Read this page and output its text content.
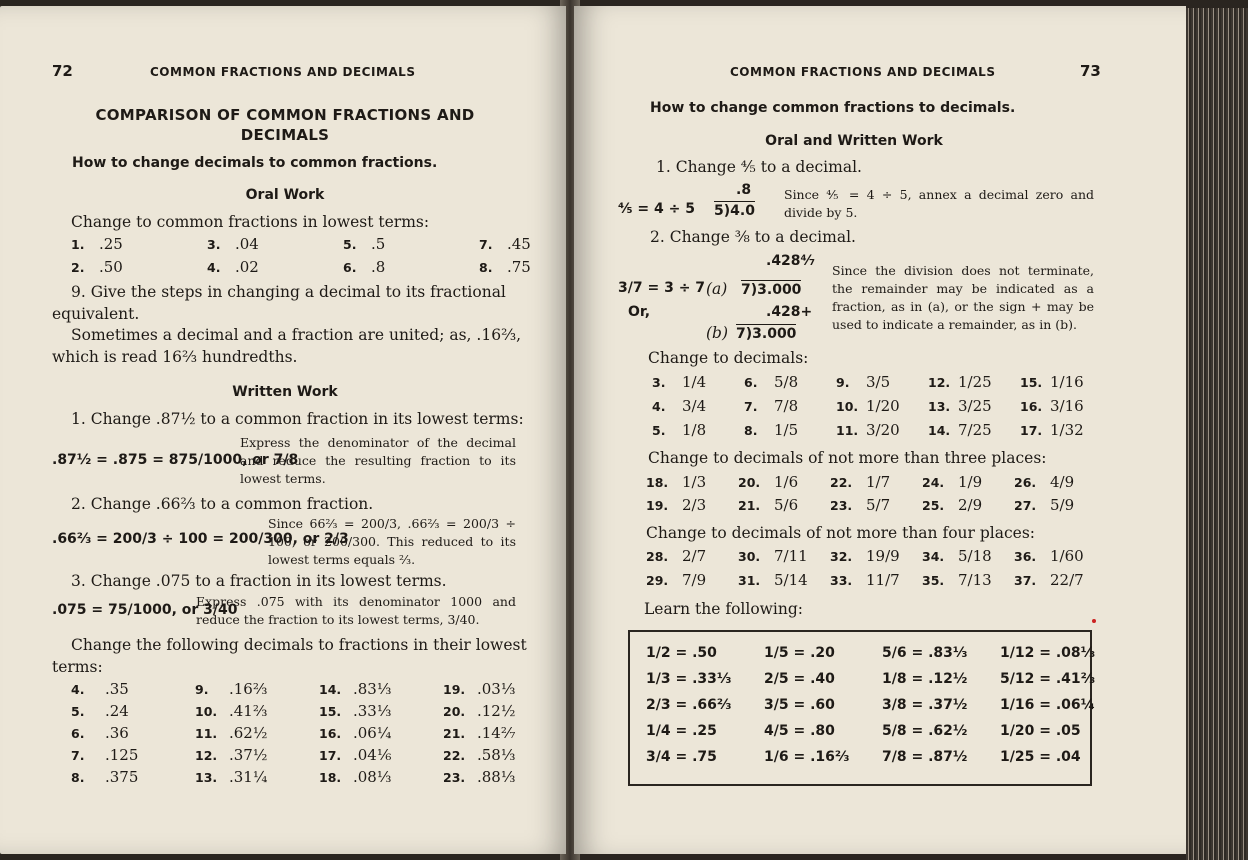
72	COMMON FRACTIONS AND DECIMALS
COMPARISON OF COMMON FRACTIONS AND
DECIMALS
How to change decimals to common fractions.
Oral Work
Change to common fractions in lowest terms:
9. Give the steps in changing a decimal to its fractional
equivalent.
Sometimes a decimal and a fraction are united; as, .16⅔,
which is read 16⅔ hundredths.
Written Work
1. Change .87½ to a common fraction in its lowest terms:
.87½ = .875 = 875/1000, or 7/8
Express the denominator of the decimal and reduce the resulting fraction to its lowest terms.
2. Change .66⅔ to a common fraction.
.66⅔ = 200/3 ÷ 100 = 200/300, or 2/3
Since 66⅔ = 200/3, .66⅔ = 200/3 ÷ 100, or 200/300. This reduced to its lowest terms equals ⅔.
3. Change .075 to a fraction in its lowest terms.
.075 = 75/1000, or 3/40
Express .075 with its denominator 1000 and reduce the fraction to its lowest terms, 3/40.
Change the following decimals to fractions in their lowest
terms:
1. .25	3. .04	5. .5	7. .45
2. .50	4. .02	6. .8	8. .75
4. .35	9. .16⅔	14. .83⅓	19. .03⅓
5. .24	10. .41⅔	15. .33⅓	20. .12½
6. .36	11. .62½	16. .06¼	21. .14²⁄₇
7. .125	12. .37½	17. .04⅙	22. .58⅓
8. .375	13. .31¼	18. .08⅓	23. .88⅓
COMMON FRACTIONS AND DECIMALS	73
How to change common fractions to decimals.
Oral and Written Work
1. Change ⅘ to a decimal.
⅘ = 4 ÷ 5
.8
5)4.0
Since ⅘ = 4 ÷ 5, annex a decimal zero and divide by 5.
2. Change ⅜ to a decimal.
3/7 = 3 ÷ 7 (a)
.428⁴⁄₇
7)3.000
Or,	.428+
(b) 7)3.000
Since the division does not terminate, the remainder may be indicated as a fraction, as in (a), or the sign + may be used to indicate a remainder, as in (b).
Change to decimals:
Change to decimals of not more than three places:
Change to decimals of not more than four places:
Learn the following:
3. 1/4	6. 5/8	9. 3/5	12. 1/25 15. 1/16
4. 3/4	7. 7/8	10. 1/20 13. 3/25 16. 3/16
5. 1/8	8. 1/5	11. 3/20 14. 7/25 17. 1/32
18. 1/3	20. 1/6	22. 1/7	24. 1/9	26. 4/9
19. 2/3	21. 5/6	23. 5/7	25. 2/9	27. 5/9
28. 2/7	30. 7/11 32. 19/9 34. 5/18 36. 1/60
29. 7/9	31. 5/14 33. 11/7 35. 7/13 37. 22/7
1/2 = .50	1/5 = .20	5/6 = .83⅓ 1/12 = .08⅓
1/3 = .33⅓ 2/5 = .40	1/8 = .12½ 5/12 = .41⅔
2/3 = .66⅔ 3/5 = .60	3/8 = .37½ 1/16 = .06¼
1/4 = .25	4/5 = .80	5/8 = .62½ 1/20 = .05
3/4 = .75	1/6 = .16⅔ 7/8 = .87½ 1/25 = .04
